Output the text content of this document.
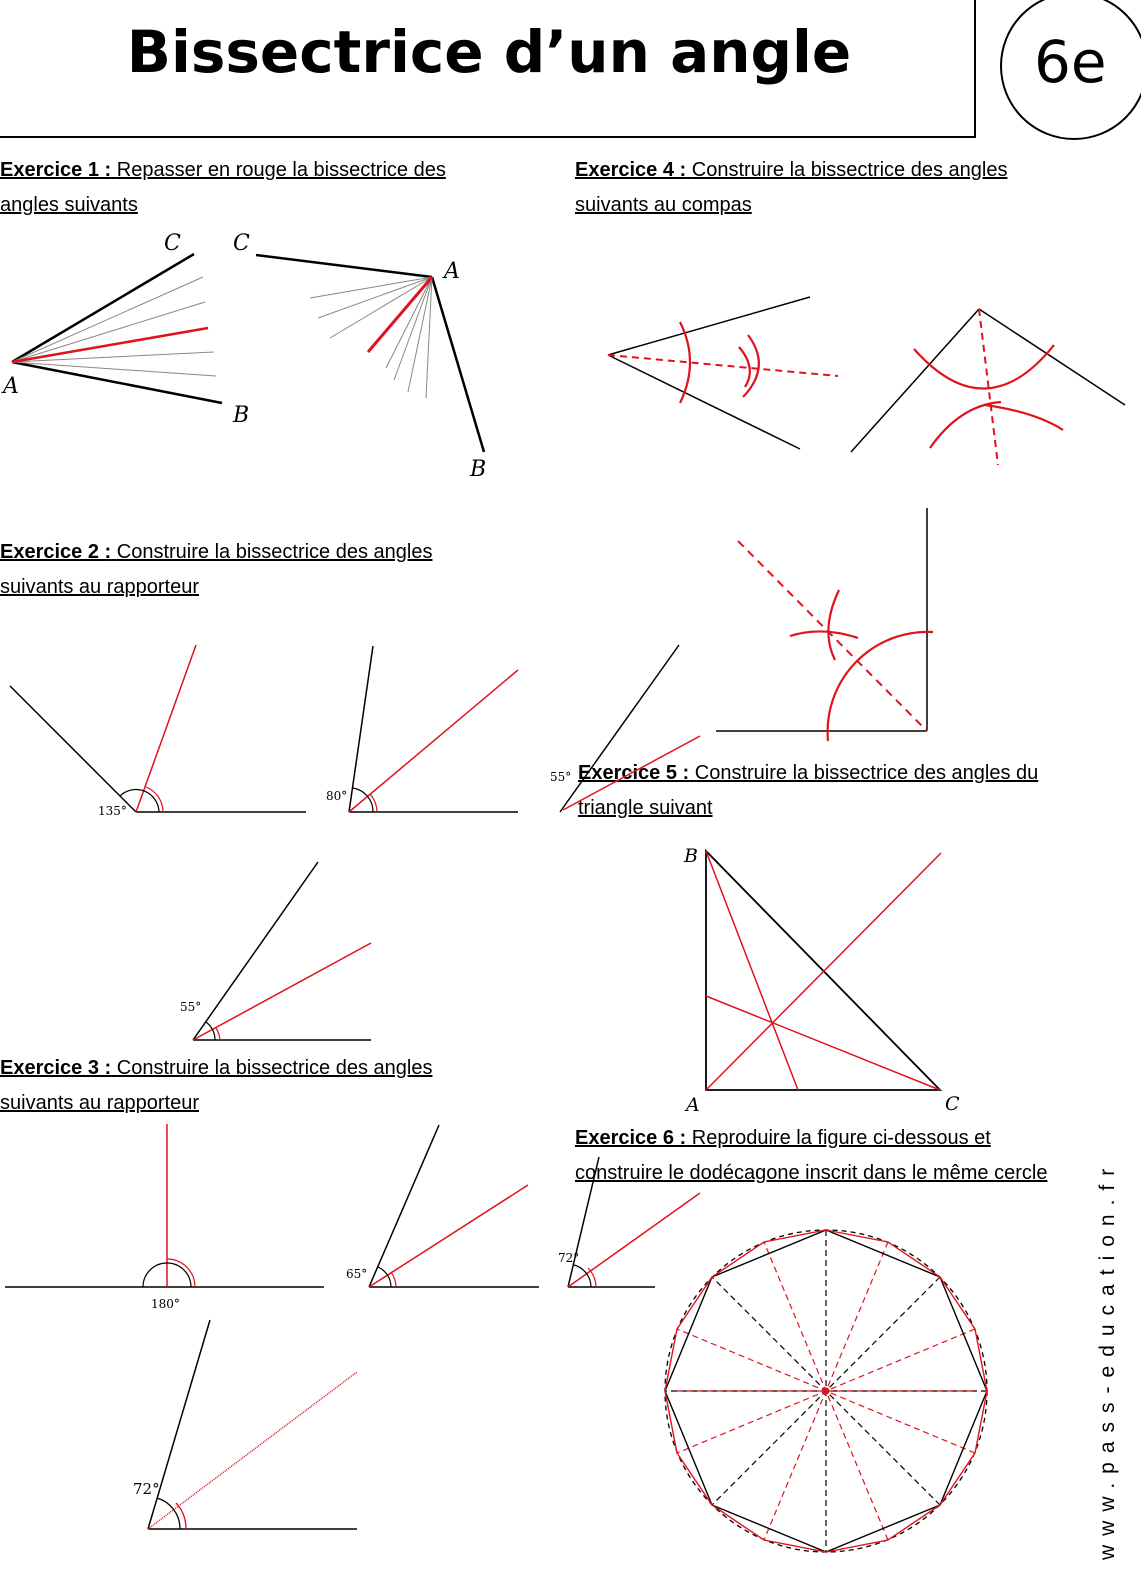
Bissectrice d’un angle	6e
Exercice 1 : Repasser en rouge la bissectrice des angles suivants
Exercice 2 : Construire la bissectrice des angles suivants au rapporteur
Exercice 3 : Construire la bissectrice des angles suivants au rapporteur
Exercice 4 : Construire la bissectrice des angles suivants au compas
Exercice 5 : Construire la bissectrice des angles du triangle suivant
Exercice 6 : Reproduire la figure ci-dessous et construire le dodécagone inscrit dans le même cercle
C
A
B
C
A
B
135°
80°
55°
180°
65°
72°
72°
55°
B
A	C
www.pass-education.fr
